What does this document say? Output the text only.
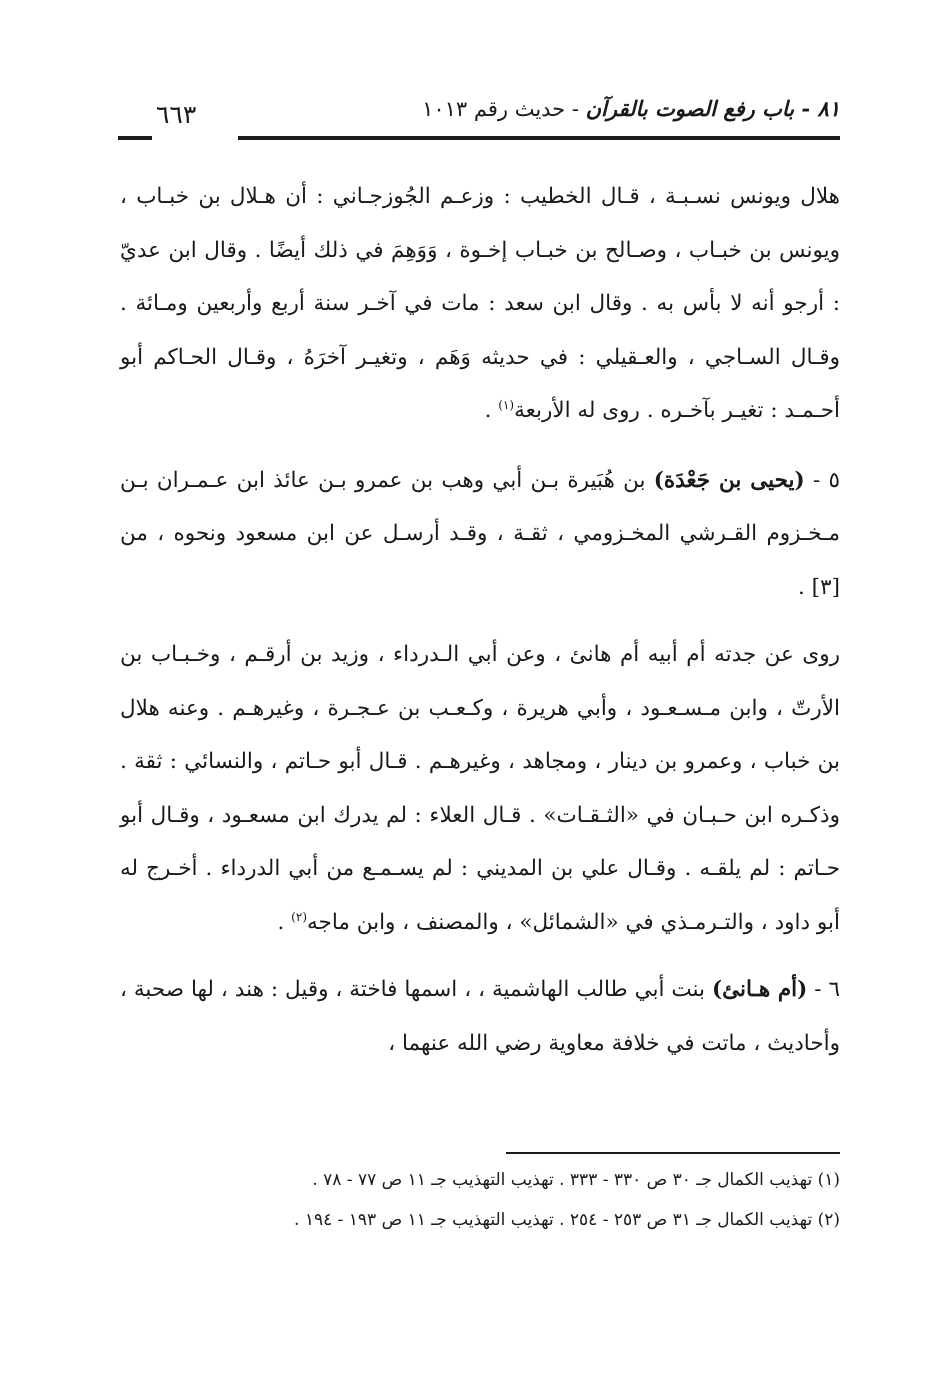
٨١ - باب رفع الصوت بالقرآن - حديث رقم ١٠١٣
٦٦٣

هلال ويونس نسـبـة ، قـال الخطيب : وزعـم الجُوزجـاني : أن هـلال بن خبـاب ، ويونس بن خبـاب ، وصـالح بن خبـاب إخـوة ، وَوَهِمَ في ذلك أيضًا . وقال ابن عديّ : أرجو أنه لا بأس به . وقال ابن سعد : مات في آخـر سنة أربع وأربعين ومـائة . وقـال السـاجي ، والعـقيلي : في حديثه وَهَم ، وتغيـر آخرَهُ ، وقـال الحـاكم أبو أحـمـد : تغيـر بآخـره . روى له الأربعة$^{(١)}$ .

٥ - (يحيى بن جَعْدَة) بن هُبَيرة بـن أبي وهب بن عمرو بـن عائذ ابن عـمـران بـن مـخـزوم القـرشي المخـزومي ، ثقـة ، وقـد أرسـل عن ابن مسعود ونحوه ، من [٣] .

روى عن جدته أم أبيه أم هانئ ، وعن أبي الـدرداء ، وزيد بن أرقـم ، وخـبـاب بن الأرتّ ، وابن مـسـعـود ، وأبي هريرة ، وكـعـب بن عـجـرة ، وغيرهـم . وعنه هلال بن خباب ، وعمرو بن دينار ، ومجاهد ، وغيرهـم . قـال أبو حـاتم ، والنسائي : ثقة . وذكـره ابن حـبـان في «الثـقـات» . قـال العلاء : لم يدرك ابن مسعـود ، وقـال أبو حـاتم : لم يلقـه . وقـال علي بن المديني : لم يسـمـع من أبي الدرداء . أخـرج له أبو داود ، والتـرمـذي في «الشمائل» ، والمصنف ، وابن ماجه$^{(٢)}$ .

٦ - (أم هـانئ) بنت أبي طالب الهاشمية ، ، اسمها فاختة ، وقيل : هند ، لها صحبة ، وأحاديث ، ماتت في خلافة معاوية رضي الله عنهما ،

(١) تهذيب الكمال جـ ٣٠ ص ٣٣٠ - ٣٣٣ . تهذيب التهذيب جـ ١١ ص ٧٧ - ٧٨ .
(٢) تهذيب الكمال جـ ٣١ ص ٢٥٣ - ٢٥٤ . تهذيب التهذيب جـ ١١ ص ١٩٣ - ١٩٤ .
